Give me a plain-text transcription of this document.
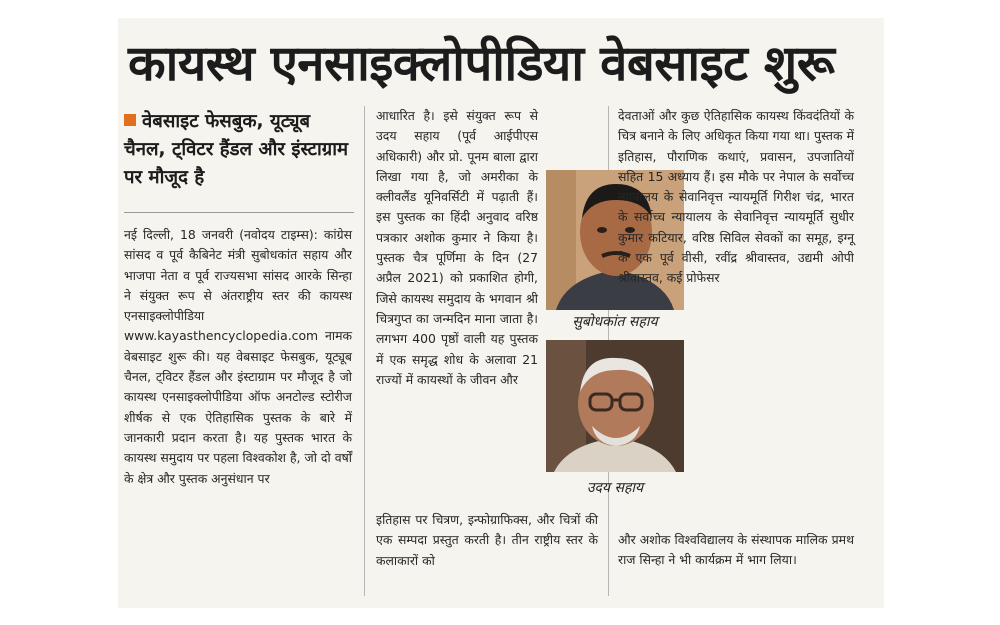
कायस्थ एनसाइक्लोपीडिया वेबसाइट शुरू
वेबसाइट फेसबुक, यूट्यूब चैनल, ट्विटर हैंडल और इंस्टाग्राम पर मौजूद है

नई दिल्ली, 18 जनवरी (नवोदय टाइम्स): कांग्रेस सांसद व पूर्व कैबिनेट मंत्री सुबोधकांत सहाय और भाजपा नेता व पूर्व राज्यसभा सांसद आरके सिन्हा ने संयुक्त रूप से अंतराष्ट्रीय स्तर की कायस्थ एनसाइक्लोपीडिया www.kayasthencyclopedia.com नामक वेबसाइट शुरू की। यह वेबसाइट फेसबुक, यूट्यूब चैनल, ट्विटर हैंडल और इंस्टाग्राम पर मौजूद है जो कायस्थ एनसाइक्लोपीडिया ऑफ अनटोल्ड स्टोरीज शीर्षक से एक ऐतिहासिक पुस्तक के बारे में जानकारी प्रदान करता है। यह पुस्तक भारत के कायस्थ समुदाय पर पहला विश्वकोश है, जो दो वर्षों के क्षेत्र और पुस्तक अनुसंधान पर

आधारित है। इसे संयुक्त रूप से उदय सहाय (पूर्व आईपीएस अधिकारी) और प्रो. पूनम बाला द्वारा लिखा गया है, जो अमरीका के क्लीवलैंड यूनिवर्सिटी में पढ़ाती हैं। इस पुस्तक का हिंदी अनुवाद वरिष्ठ पत्रकार अशोक कुमार ने किया है। पुस्तक चैत्र पूर्णिमा के दिन (27 अप्रैल 2021) को प्रकाशित होगी, जिसे कायस्थ समुदाय के भगवान श्री चित्रगुप्त का जन्मदिन माना जाता है। लगभग 400 पृष्ठों वाली यह पुस्तक में एक समृद्ध शोध के अलावा 21 राज्यों में कायस्थों के जीवन और

इतिहास पर चित्रण, इन्फोग्राफिक्स, और चित्रों की एक सम्पदा प्रस्तुत करती है। तीन राष्ट्रीय स्तर के कलाकारों को

सुबोधकांत सहाय
उदय सहाय

देवताओं और कुछ ऐतिहासिक कायस्थ किंवदंतियों के चित्र बनाने के लिए अधिकृत किया गया था। पुस्तक में इतिहास, पौराणिक कथाएं, प्रवासन, उपजातियों सहित 15 अध्याय हैं। इस मौके पर नेपाल के सर्वोच्च न्यायालय के सेवानिवृत्त न्यायमूर्ति गिरीश चंद्र, भारत के सर्वोच्च न्यायालय के सेवानिवृत्त न्यायमूर्ति सुधीर कुमार कटियार, वरिष्ठ सिविल सेवकों का समूह, इग्नू के एक पूर्व वीसी, रवींद्र श्रीवास्तव, उद्यमी ओपी श्रीवास्तव, कई प्रोफेसर

और अशोक विश्वविद्यालय के संस्थापक मालिक प्रमथ राज सिन्हा ने भी कार्यक्रम में भाग लिया।
